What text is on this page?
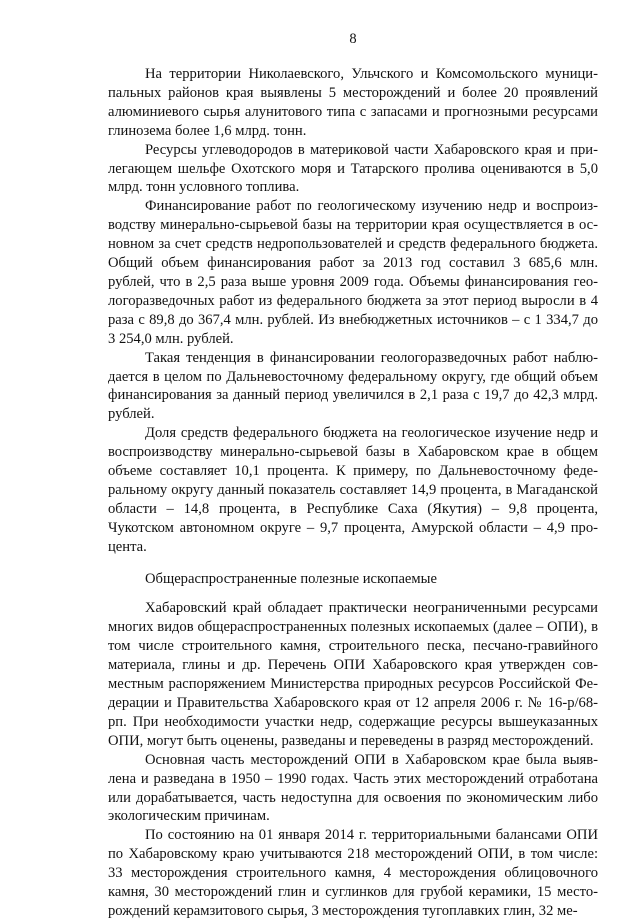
8

На территории Николаевского, Ульчского и Комсомольского муниципальных районов края выявлены 5 месторождений и более 20 проявлений алюминиевого сырья алунитового типа с запасами и прогнозными ресурсами глинозема более 1,6 млрд. тонн.

Ресурсы углеводородов в материковой части Хабаровского края и прилегающем шельфе Охотского моря и Татарского пролива оцениваются в 5,0 млрд. тонн условного топлива.

Финансирование работ по геологическому изучению недр и воспроизводству минерально-сырьевой базы на территории края осуществляется в основном за счет средств недропользователей и средств федерального бюджета. Общий объем финансирования работ за 2013 год составил 3 685,6 млн. рублей, что в 2,5 раза выше уровня 2009 года. Объемы финансирования геологоразведочных работ из федерального бюджета за этот период выросли в 4 раза с 89,8 до 367,4 млн. рублей. Из внебюджетных источников – с 1 334,7 до 3 254,0 млн. рублей.

Такая тенденция в финансировании геологоразведочных работ наблюдается в целом по Дальневосточному федеральному округу, где общий объем финансирования за данный период увеличился в 2,1 раза с 19,7 до 42,3 млрд. рублей.

Доля средств федерального бюджета на геологическое изучение недр и воспроизводству минерально-сырьевой базы в Хабаровском крае в общем объеме составляет 10,1 процента. К примеру, по Дальневосточному федеральному округу данный показатель составляет 14,9 процента, в Магаданской области – 14,8 процента, в Республике Саха (Якутия) – 9,8 процента, Чукотском автономном округе – 9,7 процента, Амурской области – 4,9 процента.

Общераспространенные полезные ископаемые

Хабаровский край обладает практически неограниченными ресурсами многих видов общераспространенных полезных ископаемых (далее – ОПИ), в том числе строительного камня, строительного песка, песчано-гравийного материала, глины и др. Перечень ОПИ Хабаровского края утвержден совместным распоряжением Министерства природных ресурсов Российской Федерации и Правительства Хабаровского края от 12 апреля 2006 г. № 16-р/68-рп. При необходимости участки недр, содержащие ресурсы вышеуказанных ОПИ, могут быть оценены, разведаны и переведены в разряд месторождений.

Основная часть месторождений ОПИ в Хабаровском крае была выявлена и разведана в 1950 – 1990 годах. Часть этих месторождений отработана или дорабатывается, часть недоступна для освоения по экономическим либо экологическим причинам.

По состоянию на 01 января 2014 г. территориальными балансами ОПИ по Хабаровскому краю учитываются 218 месторождений ОПИ, в том числе: 33 месторождения строительного камня, 4 месторождения облицовочного камня, 30 месторождений глин и суглинков для грубой керамики, 15 месторождений керамзитового сырья, 3 месторождения тугоплавких глин, 32 ме-
